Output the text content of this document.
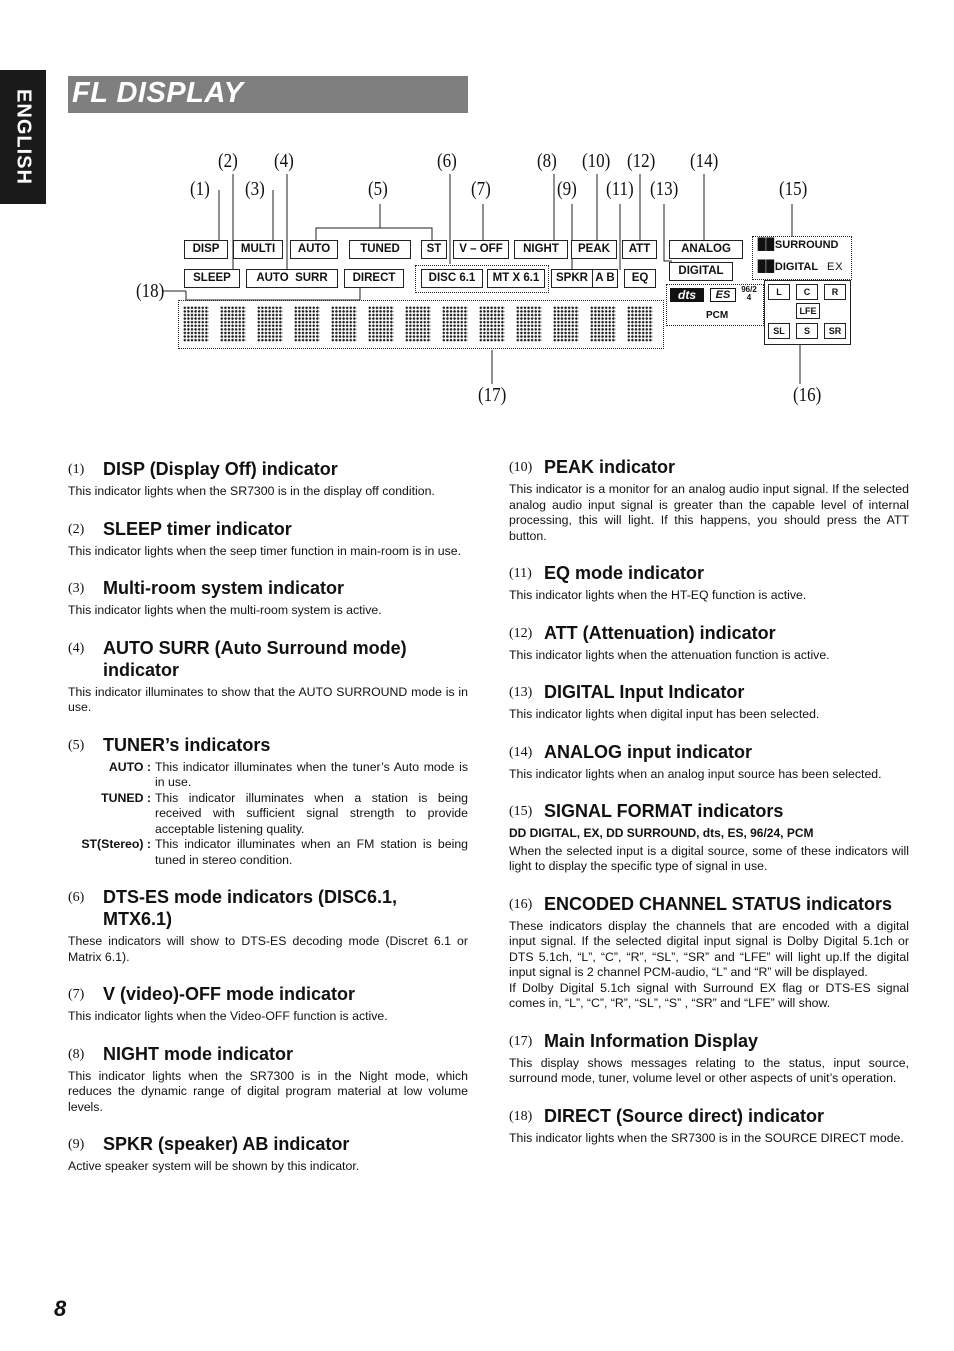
ENGLISH FL DISPLAY
(1)
(2)
(3)
(4)
(5)
(6)
(7)
(8)
(9)
(10)
(11)
(12)
(13)
(14)
(15)
(16)
(17)
(18)
DISP	MULTI	AUTO	TUNED	ST	V – OFF	NIGHT	PEAK	ATT	ANALOG
SLEEP	AUTO  SURR	DIRECT	DISC 6.1	MT X 6.1	SPKR A B	EQ
DIGITAL
▉▉SURROUND
▉▉DIGITAL EX
dts	ES	96/24
PCM
L	C	R
LFE
SL	S	SR
(1) DISP (Display Off) indicator

This indicator lights when the SR7300 is in the display off condition.

(2) SLEEP timer indicator

This indicator lights when the seep timer function in main-room is in use.

(3) Multi-room system indicator

This indicator lights when the multi-room system is active.

(4) AUTO SURR (Auto Surround mode) indicator

This indicator illuminates to show that the AUTO SURROUND mode is in use.

(5) TUNER’s indicators
AUTO : This indicator illuminates when the tuner’s Auto mode is in use.
TUNED : This indicator illuminates when a station is being received with sufficient signal strength to provide acceptable listening quality.
ST(Stereo) : This indicator illuminates when an FM station is being tuned in stereo condition.
(6) DTS-ES mode indicators (DISC6.1, MTX6.1)

These indicators will show to DTS-ES decoding mode (Discret 6.1 or Matrix 6.1).

(7) V (video)-OFF mode indicator

This indicator lights when the Video-OFF function is active.

(8) NIGHT mode indicator

This indicator lights when the SR7300 is in the Night mode, which reduces the dynamic range of digital program material at low volume levels.

(9) SPKR (speaker) AB indicator

Active speaker system will be shown by this indicator.

(10) PEAK indicator

This indicator is a monitor for an analog audio input signal. If the selected analog audio input signal is greater than the capable level of internal processing, this will light. If this happens, you should press the ATT button.

(11) EQ mode indicator

This indicator lights when the HT-EQ function is active.

(12) ATT (Attenuation) indicator

This indicator lights when the attenuation function is active.

(13) DIGITAL Input Indicator

This indicator lights when digital input has been selected.

(14) ANALOG input indicator

This indicator lights when an analog input source has been selected.

(15) SIGNAL FORMAT indicators

DD DIGITAL, EX, DD SURROUND, dts, ES, 96/24, PCM

When the selected input is a digital source, some of these indicators will light to display the specific type of signal in use.

(16) ENCODED CHANNEL STATUS indicators

These indicators display the channels that are encoded with a digital input signal. If the selected digital input signal is Dolby Digital 5.1ch or DTS 5.1ch, “L”, “C”, “R”, “SL”, “SR” and “LFE” will light up.If the digital input signal is 2 channel PCM-audio, “L” and “R” will be displayed.
If Dolby Digital 5.1ch signal with Surround EX flag or DTS-ES signal comes in, “L”, “C”, “R”, “SL”, “S” , “SR” and “LFE” will show.

(17) Main Information Display

This display shows messages relating to the status, input source, surround mode, tuner, volume level or other aspects of unit’s operation.

(18) DIRECT (Source direct) indicator

This indicator lights when the SR7300 is in the SOURCE DIRECT mode.

8
